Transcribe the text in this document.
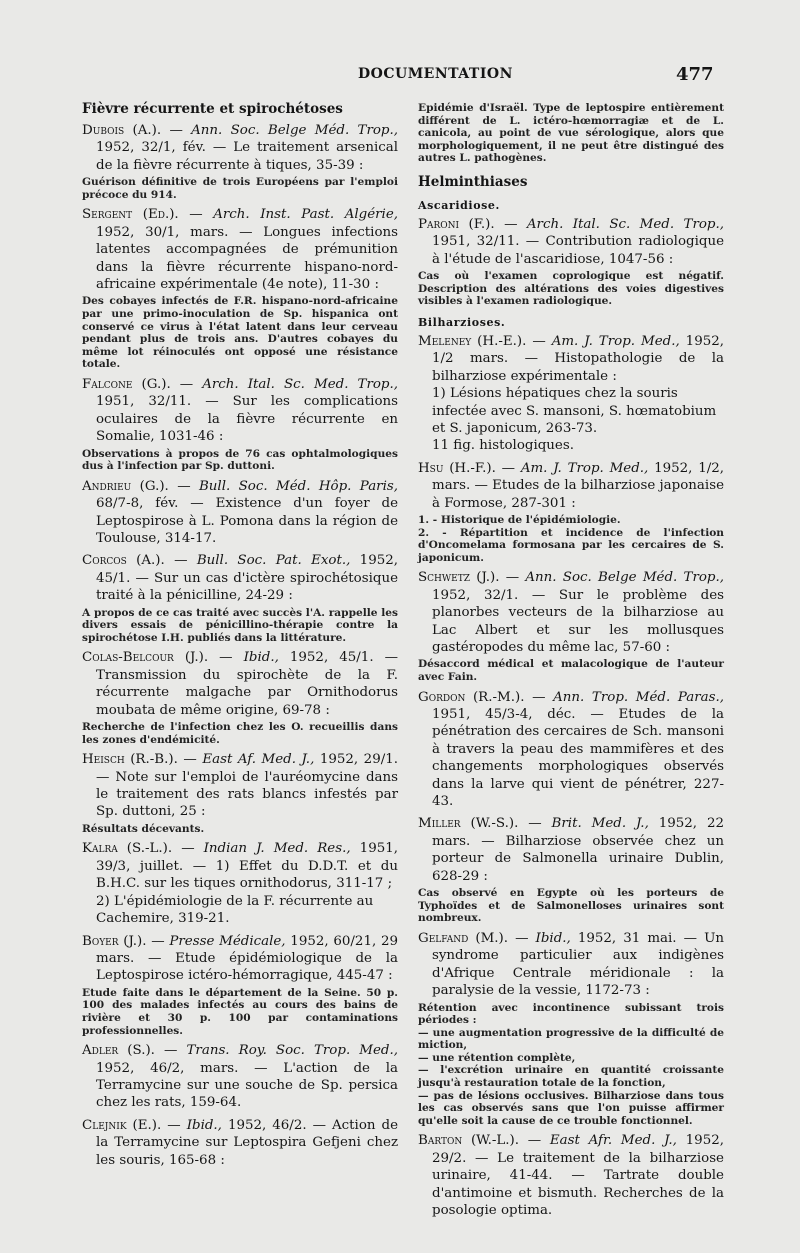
DOCUMENTATION	477
Fièvre récurrente et spirochétoses

Dubois (A.). — Ann. Soc. Belge Méd. Trop., 1952, 32/1, fév. — Le traitement arsenical de la fièvre récurrente à tiques, 35-39 :

Guérison définitive de trois Européens par l'emploi précoce du 914.

Sergent (Ed.). — Arch. Inst. Past. Algérie, 1952, 30/1, mars. — Longues infections latentes accompagnées de prémunition dans la fièvre récurrente hispano-nord-africaine expérimentale (4e note), 11-30 :

Des cobayes infectés de F.R. hispano-nord-africaine par une primo-inoculation de Sp. hispanica ont conservé ce virus à l'état latent dans leur cerveau pendant plus de trois ans. D'autres cobayes du même lot réinoculés ont opposé une résistance totale.

Falcone (G.). — Arch. Ital. Sc. Med. Trop., 1951, 32/11. — Sur les complications oculaires de la fièvre récurrente en Somalie, 1031-46 :

Observations à propos de 76 cas ophtalmologiques dus à l'infection par Sp. duttoni.

Andrieu (G.). — Bull. Soc. Méd. Hôp. Paris, 68/7-8, fév. — Existence d'un foyer de Leptospirose à L. Pomona dans la région de Toulouse, 314-17.

Corcos (A.). — Bull. Soc. Pat. Exot., 1952, 45/1. — Sur un cas d'ictère spirochétosique traité à la pénicilline, 24-29 :

A propos de ce cas traité avec succès l'A. rappelle les divers essais de pénicillino-thérapie contre la spirochétose I.H. publiés dans la littérature.

Colas-Belcour (J.). — Ibid., 1952, 45/1. — Transmission du spirochète de la F. récurrente malgache par Ornithodorus moubata de même origine, 69-78 :

Recherche de l'infection chez les O. recueillis dans les zones d'endémicité.

Heisch (R.-B.). — East Af. Med. J., 1952, 29/1. — Note sur l'emploi de l'auréomycine dans le traitement des rats blancs infestés par Sp. duttoni, 25 :

Résultats décevants.

Kalra (S.-L.). — Indian J. Med. Res., 1951, 39/3, juillet. — 1) Effet du D.D.T. et du B.H.C. sur les tiques ornithodorus, 311-17 ;

2) L'épidémiologie de la F. récurrente au Cachemire, 319-21.

Boyer (J.). — Presse Médicale, 1952, 60/21, 29 mars. — Etude épidémiologique de la Leptospirose ictéro-hémorragique, 445-47 :

Etude faite dans le département de la Seine. 50 p. 100 des malades infectés au cours des bains de rivière et 30 p. 100 par contaminations professionnelles.

Adler (S.). — Trans. Roy. Soc. Trop. Med., 1952, 46/2, mars. — L'action de la Terramycine sur une souche de Sp. persica chez les rats, 159-64.

Clejnik (E.). — Ibid., 1952, 46/2. — Action de la Terramycine sur Leptospira Gefjeni chez les souris, 165-68 :

Epidémie d'Israël. Type de leptospire entièrement différent de L. ictéro-hœmorragiæ et de L. canicola, au point de vue sérologique, alors que morphologiquement, il ne peut être distingué des autres L. pathogènes.
Helminthiases
Ascaridiose.

Paroni (F.). — Arch. Ital. Sc. Med. Trop., 1951, 32/11. — Contribution radiologique à l'étude de l'ascaridiose, 1047-56 :

Cas où l'examen coprologique est négatif. Description des altérations des voies digestives visibles à l'examen radiologique.
Bilharzioses.

Meleney (H.-E.). — Am. J. Trop. Med., 1952, 1/2 mars. — Histopathologie de la bilharziose expérimentale :

1) Lésions hépatiques chez la souris infectée avec S. mansoni, S. hœmatobium et S. japonicum, 263-73.
11 fig. histologiques.

Hsu (H.-F.). — Am. J. Trop. Med., 1952, 1/2, mars. — Etudes de la bilharziose japonaise à Formose, 287-301 :

1. - Historique de l'épidémiologie.
2. - Répartition et incidence de l'infection d'Oncomelama formosana par les cercaires de S. japonicum.

Schwetz (J.). — Ann. Soc. Belge Méd. Trop., 1952, 32/1. — Sur le problème des planorbes vecteurs de la bilharziose au Lac Albert et sur les mollusques gastéropodes du même lac, 57-60 :

Désaccord médical et malacologique de l'auteur avec Fain.

Gordon (R.-M.). — Ann. Trop. Méd. Paras., 1951, 45/3-4, déc. — Etudes de la pénétration des cercaires de Sch. mansoni à travers la peau des mammifères et des changements morphologiques observés dans la larve qui vient de pénétrer, 227-43.

Miller (W.-S.). — Brit. Med. J., 1952, 22 mars. — Bilharziose observée chez un porteur de Salmonella urinaire Dublin, 628-29 :

Cas observé en Egypte où les porteurs de Typhoïdes et de Salmonelloses urinaires sont nombreux.

Gelfand (M.). — Ibid., 1952, 31 mai. — Un syndrome particulier aux indigènes d'Afrique Centrale méridionale : la paralysie de la vessie, 1172-73 :

Rétention avec incontinence subissant trois périodes :
— une augmentation progressive de la difficulté de miction,
— une rétention complète,
— l'excrétion urinaire en quantité croissante jusqu'à restauration totale de la fonction,
— pas de lésions occlusives. Bilharziose dans tous les cas observés sans que l'on puisse affirmer qu'elle soit la cause de ce trouble fonctionnel.

Barton (W.-L.). — East Afr. Med. J., 1952, 29/2. — Le traitement de la bilharziose urinaire, 41-44. — Tartrate double d'antimoine et bismuth. Recherches de la posologie optima.
